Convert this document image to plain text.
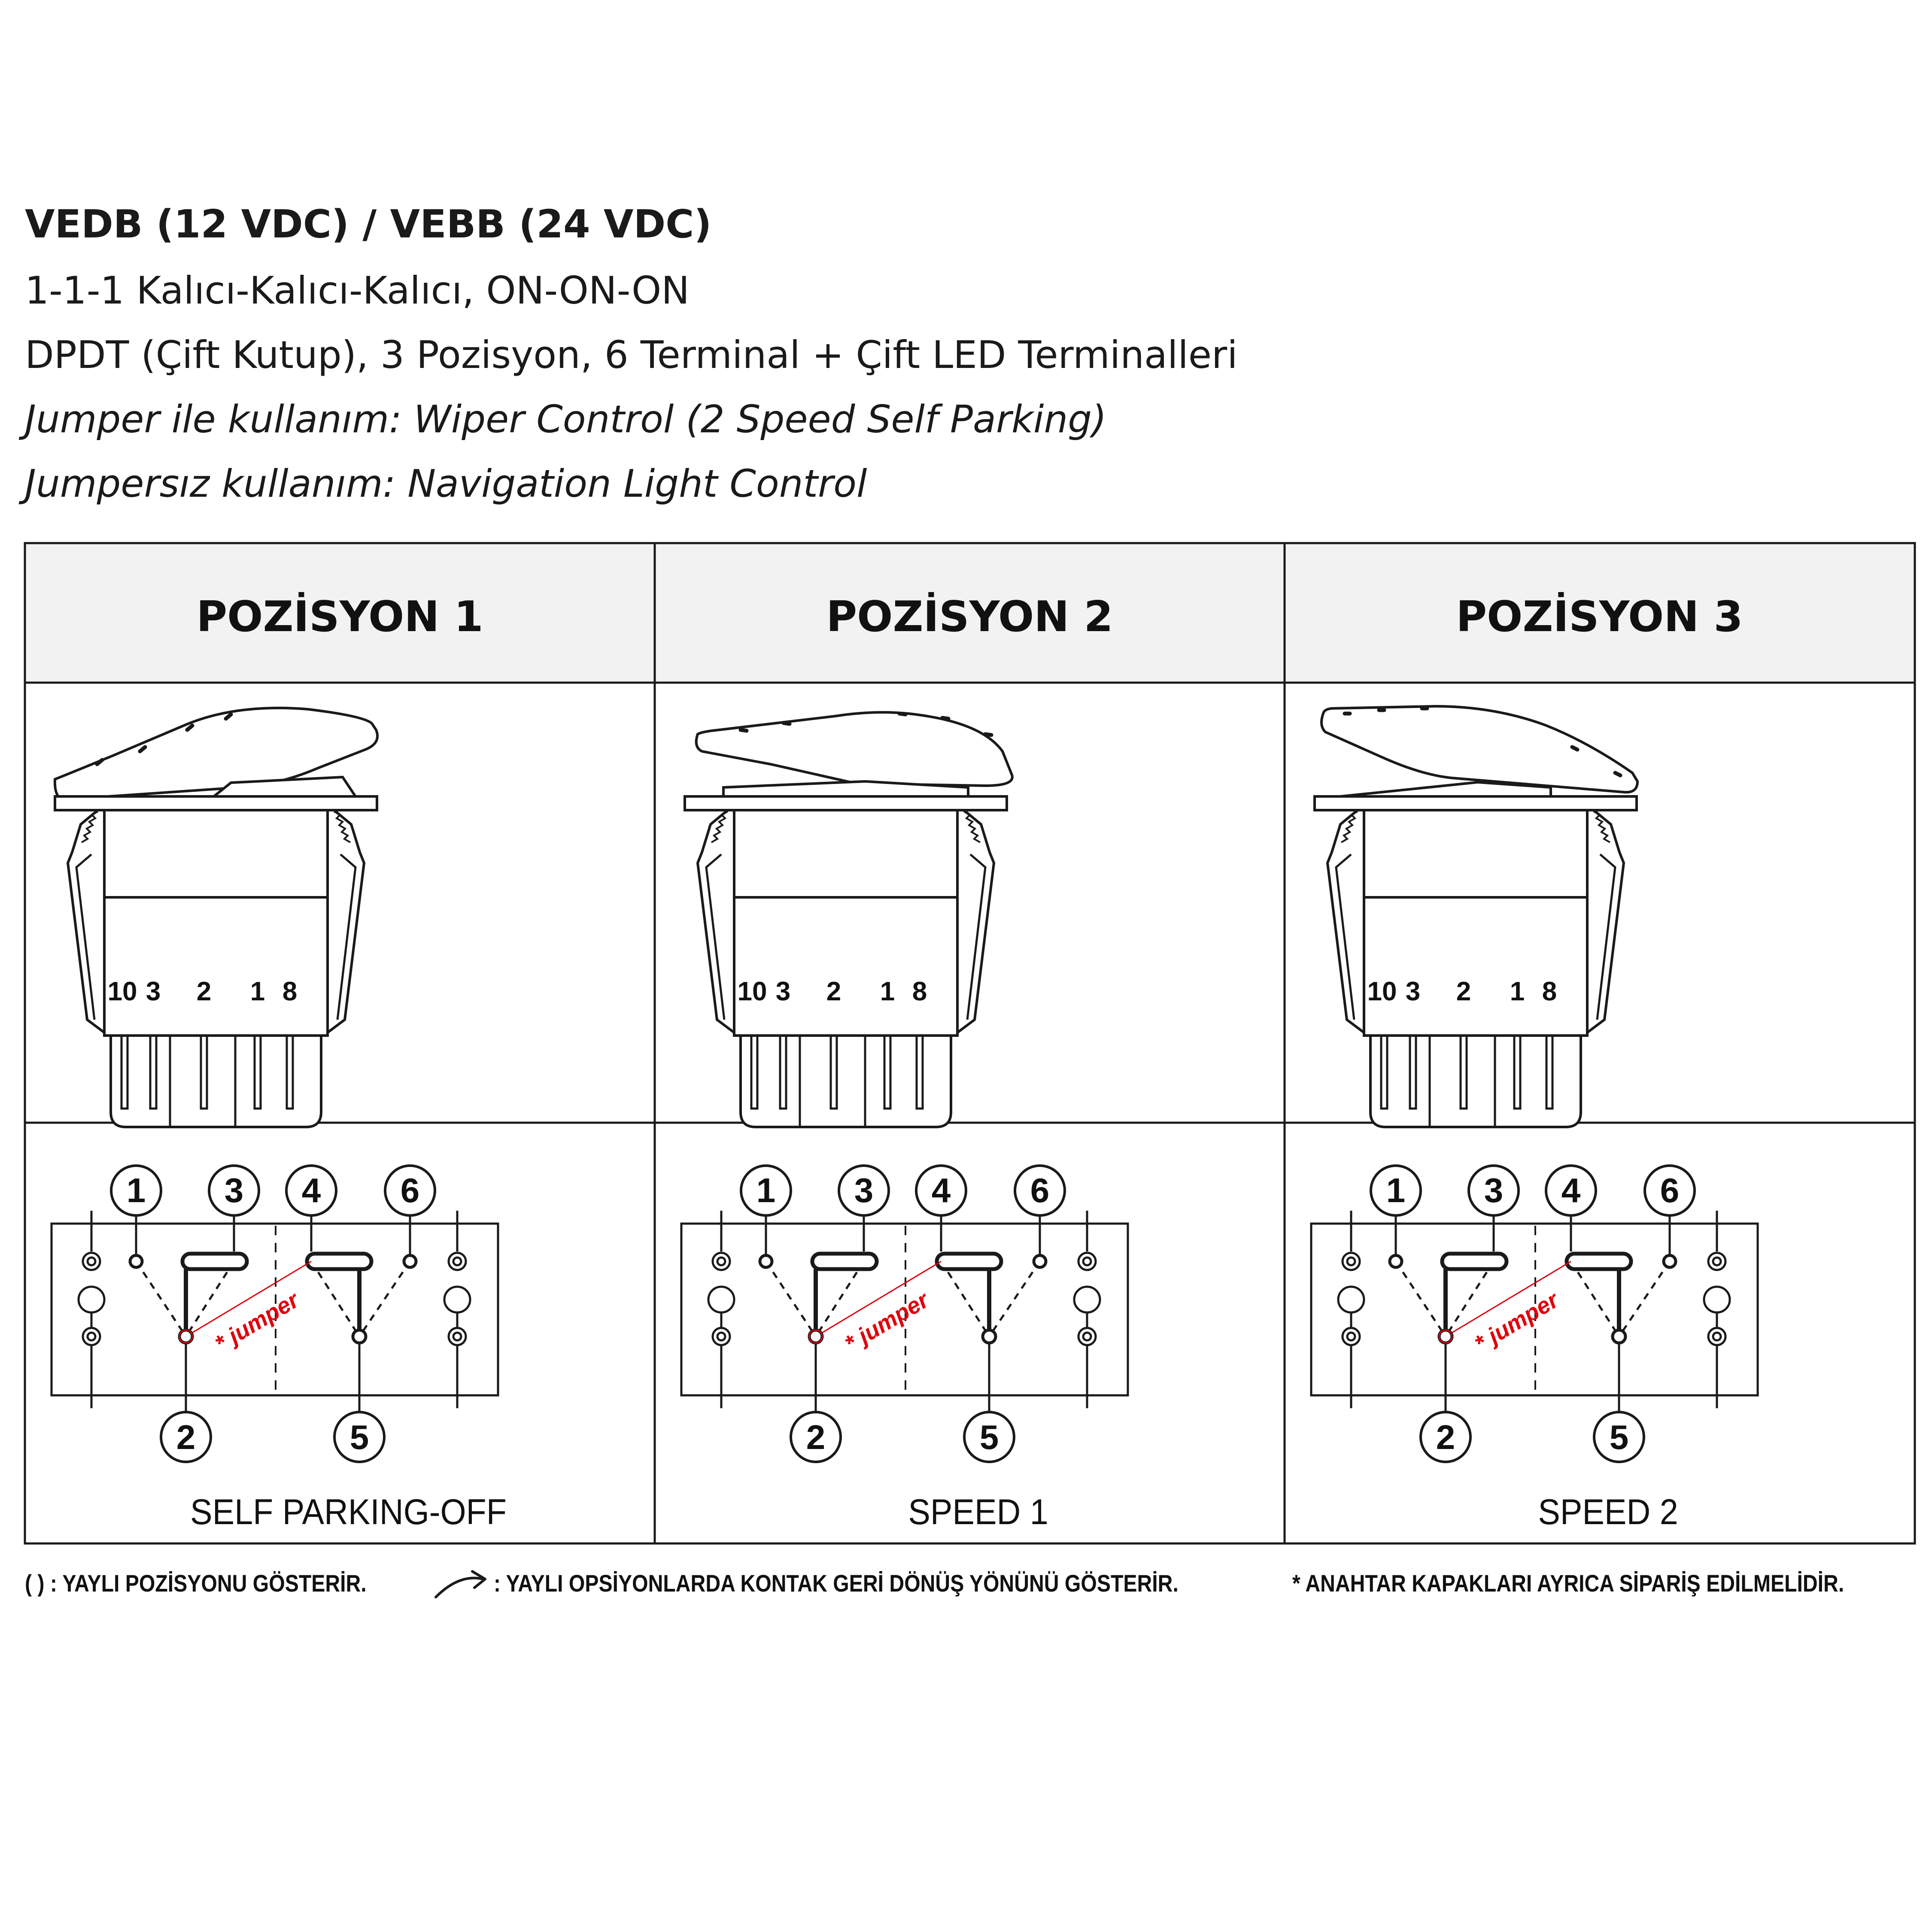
VEDB (12 VDC) / VEBB (24 VDC)
1-1-1 Kalıcı-Kalıcı-Kalıcı, ON-ON-ON
DPDT (Çift Kutup), 3 Pozisyon, 6 Terminal + Çift LED Terminalleri
Jumper ile kullanım: Wiper Control (2 Speed Self Parking)
Jumpersız kullanım: Navigation Light Control
POZİSYON 1
10 3 2 1 8
1 3 4 6
2	5
* jumper
SELF PARKING-OFF
POZİSYON 2
10 3 2 1 8
1 3 4 6
2	5
* jumper
SPEED 1
POZİSYON 3
10 3 2 1 8
1 3 4 6
2	5
* jumper
SPEED 2
( ) : YAYLI POZİSYONU GÖSTERİR.	: YAYLI OPSİYONLARDA KONTAK GERİ DÖNÜŞ YÖNÜNÜ GÖSTERİR.	* ANAHTAR KAPAKLARI AYRICA SİPARİŞ EDİLMELİDİR.
